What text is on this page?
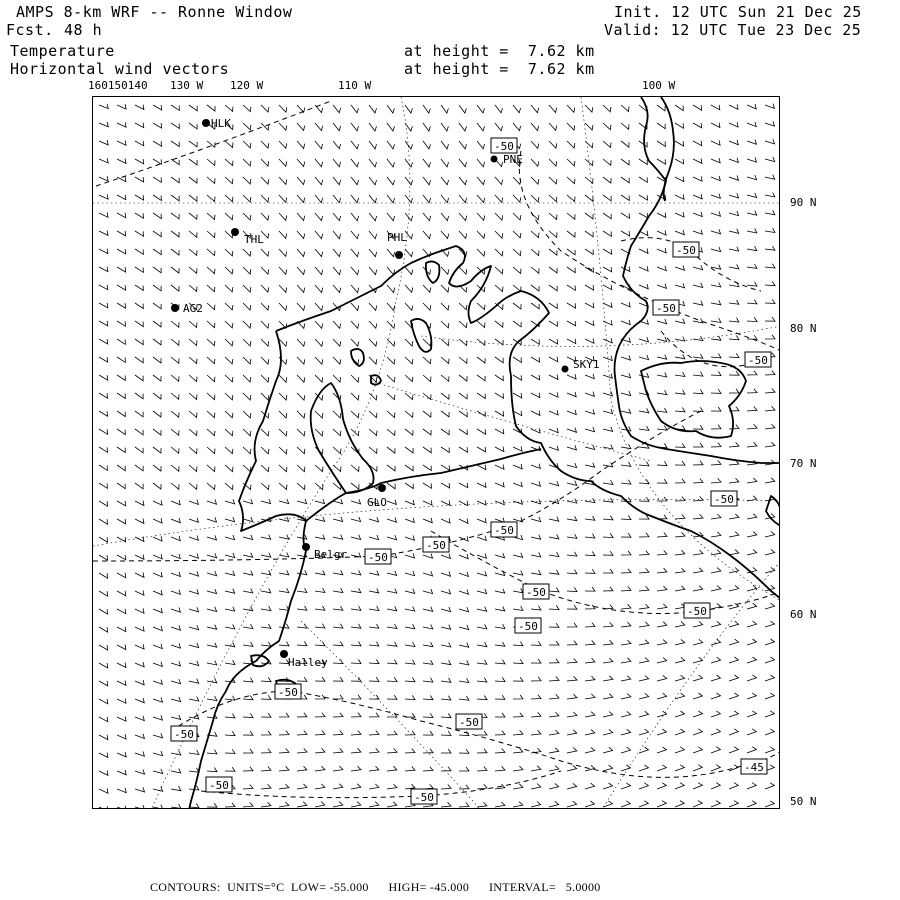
AMPS 8-km WRF -- Ronne Window
Fcst. 48 h
Init. 12 UTC Sun 21 Dec 25
Valid: 12 UTC Tue 23 Dec 25
Temperature	at height =  7.62 km
Horizontal wind vectors	at height =  7.62 km
160150140 130 W 120 W	110 W	100 W
90 N
80 N
70 N
60 N
50 N
HLK
PNE
THL	PHL
AG2
SKY1
GLO
Belgr
Halley
-50
-50
-50
-50
-50
-50
-50
-50
-50
-50
-50
-50
-50
-50
-50
-45
-50
CONTOURS:  UNITS=°C  LOW= -55.000      HIGH= -45.000      INTERVAL=   5.0000
